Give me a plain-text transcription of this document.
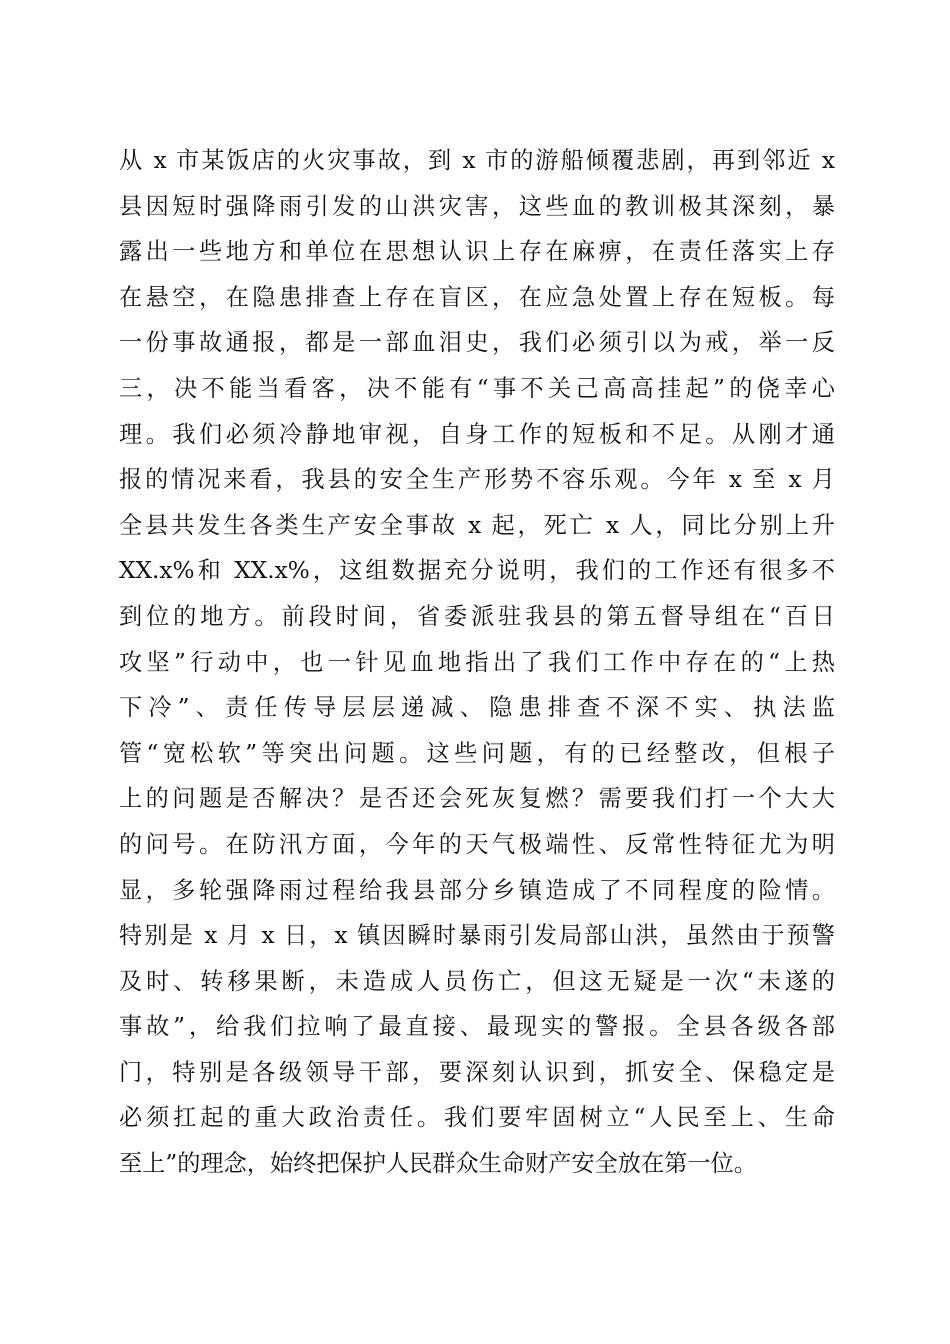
从 x 市某饭店的火灾事故，到 x 市的游船倾覆悲剧，再到邻近 x
县因短时强降雨引发的山洪灾害，这些血的教训极其深刻，暴
露出一些地方和单位在思想认识上存在麻痹，在责任落实上存
在悬空，在隐患排查上存在盲区，在应急处置上存在短板。每
一份事故通报，都是一部血泪史，我们必须引以为戒，举一反
三，决不能当看客，决不能有“事不关己高高挂起”的侥幸心
理。我们必须冷静地审视，自身工作的短板和不足。从刚才通
报的情况来看，我县的安全生产形势不容乐观。今年 x 至 x 月
全县共发生各类生产安全事故 x 起，死亡 x 人，同比分别上升
XX.x%和 XX.x%，这组数据充分说明，我们的工作还有很多不
到位的地方。前段时间，省委派驻我县的第五督导组在“百日
攻坚”行动中，也一针见血地指出了我们工作中存在的“上热
下冷”、责任传导层层递减、隐患排查不深不实、执法监
管“宽松软”等突出问题。这些问题，有的已经整改，但根子
上的问题是否解决？是否还会死灰复燃？需要我们打一个大大
的问号。在防汛方面，今年的天气极端性、反常性特征尤为明
显，多轮强降雨过程给我县部分乡镇造成了不同程度的险情。
特别是 x 月 x 日，x 镇因瞬时暴雨引发局部山洪，虽然由于预警
及时、转移果断，未造成人员伤亡，但这无疑是一次“未遂的
事故”，给我们拉响了最直接、最现实的警报。全县各级各部
门，特别是各级领导干部，要深刻认识到，抓安全、保稳定是
必须扛起的重大政治责任。我们要牢固树立“人民至上、生命
至上”的理念，始终把保护人民群众生命财产安全放在第一位。
